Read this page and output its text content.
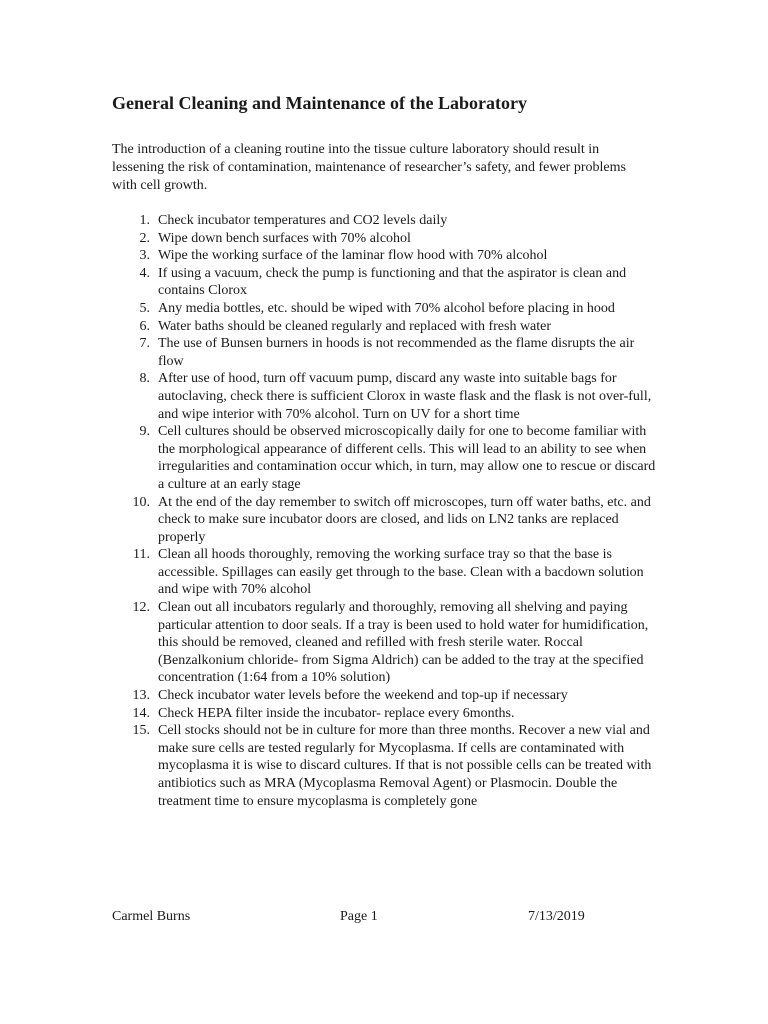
General Cleaning and Maintenance of the Laboratory

The introduction of a cleaning routine into the tissue culture laboratory should result in lessening the risk of contamination, maintenance of researcher’s safety, and fewer problems with cell growth.

1. Check incubator temperatures and CO2 levels daily
2. Wipe down bench surfaces with 70% alcohol
3. Wipe the working surface of the laminar flow hood with 70% alcohol
4. If using a vacuum, check the pump is functioning and that the aspirator is clean and contains Clorox
5. Any media bottles, etc. should be wiped with 70% alcohol before placing in hood
6. Water baths should be cleaned regularly and replaced with fresh water
7. The use of Bunsen burners in hoods is not recommended as the flame disrupts the air flow
8. After use of hood, turn off vacuum pump, discard any waste into suitable bags for autoclaving, check there is sufficient Clorox in waste flask and the flask is not over-full, and wipe interior with 70% alcohol. Turn on UV for a short time
9. Cell cultures should be observed microscopically daily for one to become familiar with the morphological appearance of different cells. This will lead to an ability to see when irregularities and contamination occur which, in turn, may allow one to rescue or discard a culture at an early stage
10. At the end of the day remember to switch off microscopes, turn off water baths, etc. and check to make sure incubator doors are closed, and lids on LN2 tanks are replaced properly
11. Clean all hoods thoroughly, removing the working surface tray so that the base is accessible. Spillages can easily get through to the base. Clean with a bacdown solution and wipe with 70% alcohol
12. Clean out all incubators regularly and thoroughly, removing all shelving and paying particular attention to door seals. If a tray is been used to hold water for humidification, this should be removed, cleaned and refilled with fresh sterile water. Roccal (Benzalkonium chloride- from Sigma Aldrich) can be added to the tray at the specified concentration (1:64 from a 10% solution)
13. Check incubator water levels before the weekend and top-up if necessary
14. Check HEPA filter inside the incubator- replace every 6months.
15. Cell stocks should not be in culture for more than three months. Recover a new vial and make sure cells are tested regularly for Mycoplasma. If cells are contaminated with mycoplasma it is wise to discard cultures. If that is not possible cells can be treated with antibiotics such as MRA (Mycoplasma Removal Agent) or Plasmocin. Double the treatment time to ensure mycoplasma is completely gone
Carmel Burns	Page 1	7/13/2019
